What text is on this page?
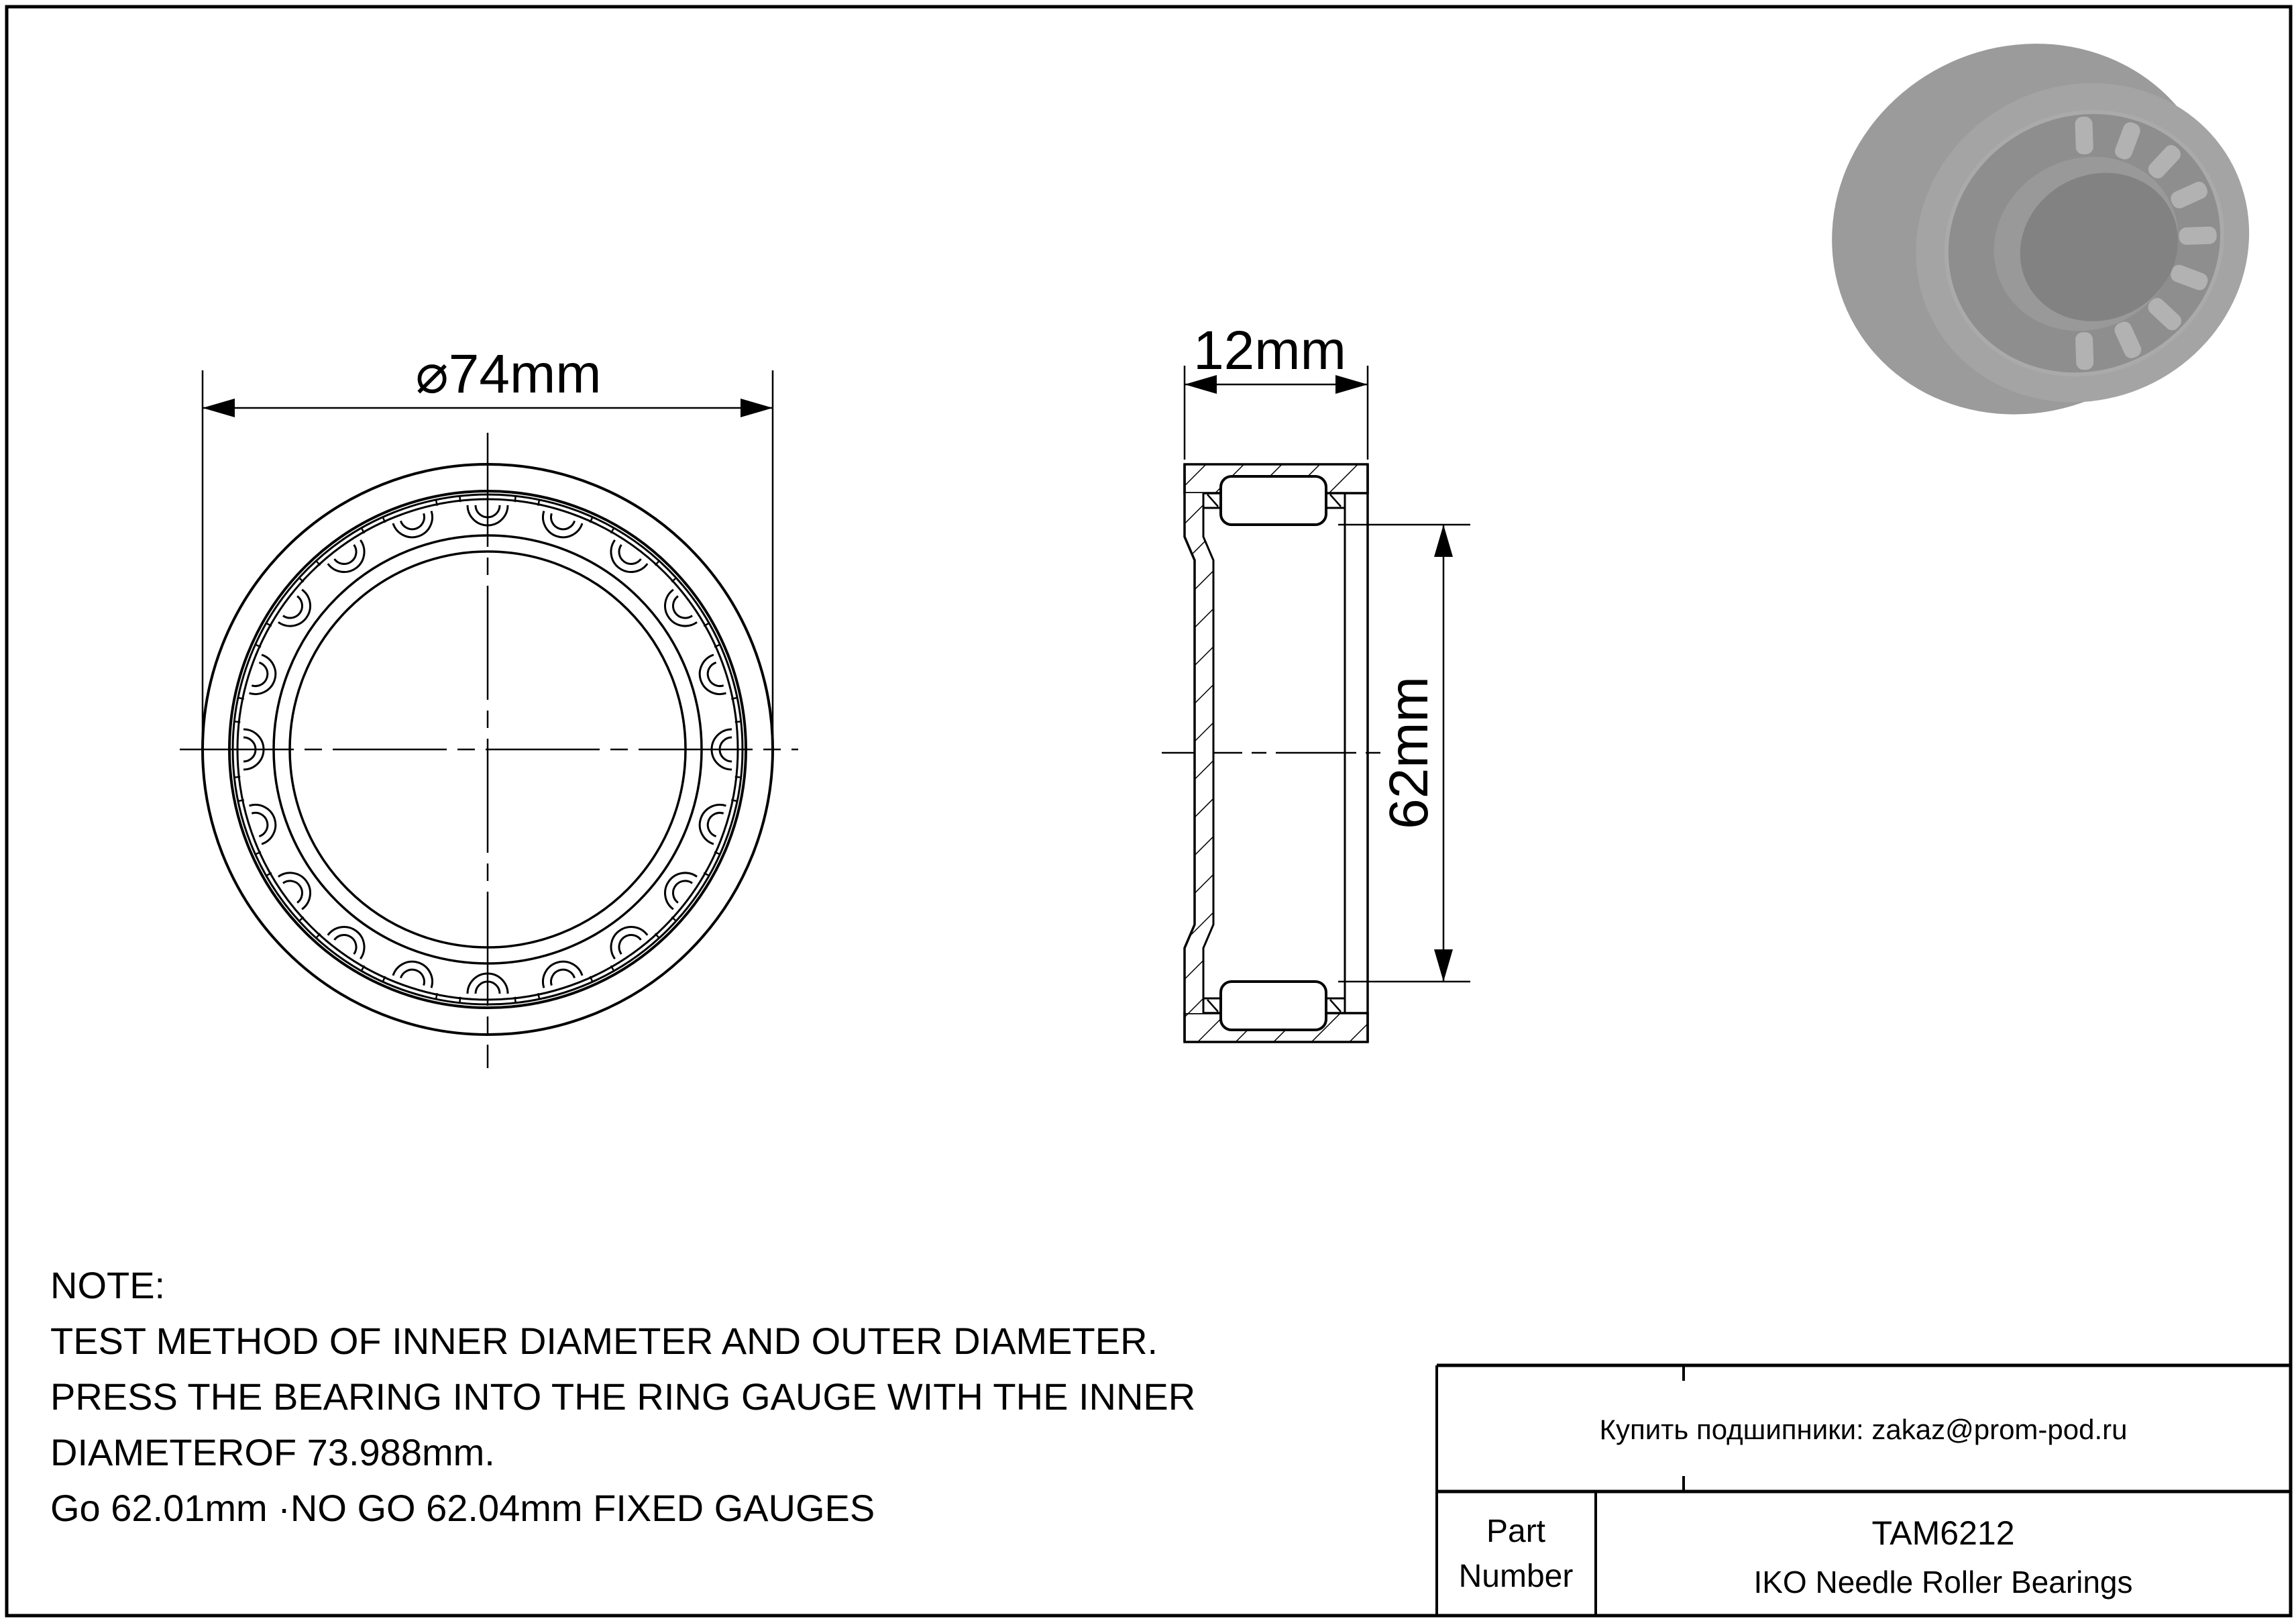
⌀74mm	12mm
62mm
NOTE:
TEST METHOD OF INNER DIAMETER AND OUTER DIAMETER.
PRESS THE BEARING INTO THE RING GAUGE WITH THE INNER
DIAMETEROF 73.988mm.
Go 62.01mm ·NO GO 62.04mm FIXED GAUGES
Купить подшипники: zakaz@prom-pod.ru
Part
Number
TAM6212
IKO Needle Roller Bearings
